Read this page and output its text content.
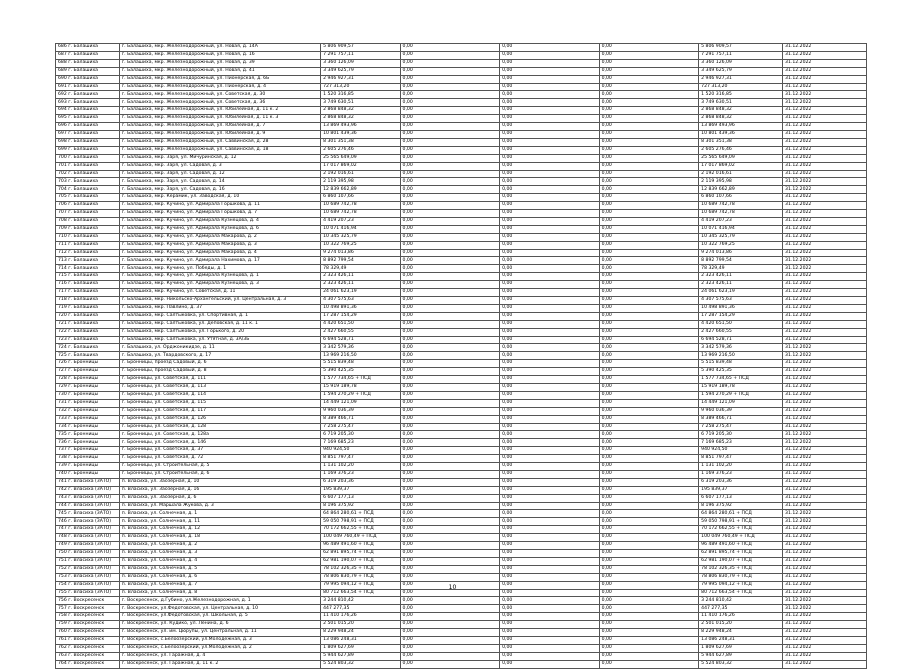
686 г. Балашиха	г. Балашиха, мкр. Железнодорожный, ул. Новая, д. 14А	5 806 909,57	0,00	0,00	0,00	5 806 909,57	31.12.2022
687 г. Балашиха	г. Балашиха, мкр. Железнодорожный, ул. Новая, д. 16	7 291 757,11	0,00	0,00	0,00	7 291 757,11	31.12.2022
688 г. Балашиха	г. Балашиха, мкр. Железнодорожный, ул. Новая, д. 39	3 360 126,09	0,00	0,00	0,00	3 360 126,09	31.12.2022
689 г. Балашиха	г. Балашиха, мкр. Железнодорожный, ул. Новая, д. 41	3 349 625,79	0,00	0,00	0,00	3 349 625,79	31.12.2022
690 г. Балашиха	г. Балашиха, мкр. Железнодорожный, ул. Пионерская, д. 6Б	2 946 927,31	0,00	0,00	0,00	2 946 927,31	31.12.2022
691 г. Балашиха	г. Балашиха, мкр. Железнодорожный, ул. Пионерская, д. 4	727 313,20	0,00	0,00	0,00	727 313,20	31.12.2022
692 г. Балашиха	г. Балашиха, мкр. Железнодорожный, ул. Советская, д. 30	1 520 316,85	0,00	0,00	0,00	1 520 316,85	31.12.2022
693 г. Балашиха	г. Балашиха, мкр. Железнодорожный, ул. Советская, д. 36	3 749 630,51	0,00	0,00	0,00	3 749 630,51	31.12.2022
694 г. Балашиха	г. Балашиха, мкр. Железнодорожный, ул. Юбилейная, д. 11 к. 2	2 868 848,32	0,00	0,00	0,00	2 868 848,32	31.12.2022
695 г. Балашиха	г. Балашиха, мкр. Железнодорожный, ул. Юбилейная, д. 11 к. 3	2 868 848,32	0,00	0,00	0,00	2 868 848,32	31.12.2022
696 г. Балашиха	г. Балашиха, мкр. Железнодорожный, ул. Юбилейная, д. 7	13 869 493,96	0,00	0,00	0,00	13 869 493,96	31.12.2022
697 г. Балашиха	г. Балашиха, мкр. Железнодорожный, ул. Юбилейная, д. 9	10 801 439,36	0,00	0,00	0,00	10 801 439,36	31.12.2022
698 г. Балашиха	г. Балашиха, мкр. Железнодорожный, ул. Саввинская, д. 28	8 301 351,38	0,00	0,00	0,00	8 301 351,38	31.12.2022
699 г. Балашиха	г. Балашиха, мкр. Железнодорожный, ул. Саввинская, д. 18	2 605 276,46	0,00	0,00	0,00	2 605 276,46	31.12.2022
700 г. Балашиха	г. Балашиха, мкр. Заря, ул. Мичуринская, д. 12	25 565 649,09	0,00	0,00	0,00	25 565 649,09	31.12.2022
701 г. Балашиха	г. Балашиха, мкр. Заря, ул. Садовая, д. 3	17 017 869,02	0,00	0,00	0,00	17 017 869,02	31.12.2022
702 г. Балашиха	г. Балашиха, мкр. Заря, ул. Садовая, д. 12	2 192 016,61	0,00	0,00	0,00	2 192 016,61	31.12.2022
703 г. Балашиха	г. Балашиха, мкр. Заря, ул. Садовая, д. 14	2 119 395,98	0,00	0,00	0,00	2 119 395,98	31.12.2022
704 г. Балашиха	г. Балашиха, мкр. Заря, ул. Садовая, д. 16	12 839 662,89	0,00	0,00	0,00	12 839 662,89	31.12.2022
705 г. Балашиха	г. Балашиха, мкр. Керамик, ул. Заводская, д. 10	6 860 107,66	0,00	0,00	0,00	6 860 107,66	31.12.2022
706 г. Балашиха	г. Балашиха, мкр. Кучино, ул. Адмирала Горшкова, д. 11	10 689 742,78	0,00	0,00	0,00	10 689 742,78	31.12.2022
707 г. Балашиха	г. Балашиха, мкр. Кучино, ул. Адмирала Горшкова, д. 7	10 689 742,78	0,00	0,00	0,00	10 689 742,78	31.12.2022
708 г. Балашиха	г. Балашиха, мкр. Кучино, ул. Адмирала Кузнецова, д. 4	4 419 207,23	0,00	0,00	0,00	4 419 207,23	31.12.2022
709 г. Балашиха	г. Балашиха, мкр. Кучино, ул. Адмирала Кузнецова, д. 6	10 071 416,94	0,00	0,00	0,00	10 071 416,94	31.12.2022
710 г. Балашиха	г. Балашиха, мкр. Кучино, ул. Адмирала Макарова, д. 2	10 345 325,79	0,00	0,00	0,00	10 345 325,79	31.12.2022
711 г. Балашиха	г. Балашиха, мкр. Кучино, ул. Адмирала Макарова, д. 3	10 322 769,25	0,00	0,00	0,00	10 322 769,25	31.12.2022
712 г. Балашиха	г. Балашиха, мкр. Кучино, ул. Адмирала Макарова, д. 4	9 274 013,86	0,00	0,00	0,00	9 274 013,86	31.12.2022
713 г. Балашиха	г. Балашиха, мкр. Кучино, ул. Адмирала Нахимова, д. 17	8 892 799,54	0,00	0,00	0,00	8 892 799,54	31.12.2022
714 г. Балашиха	г. Балашиха, мкр. Кучино, ул. Победы, д. 1	78 329,49	0,00	0,00	0,00	78 329,49	31.12.2022
715 г. Балашиха	г. Балашиха, мкр. Кучино, ул. Адмирала Кузнецова, д. 1	2 323 426,11	0,00	0,00	0,00	2 323 426,11	31.12.2022
716 г. Балашиха	г. Балашиха, мкр. Кучино, ул. Адмирала Кузнецова, д. 3	2 323 426,11	0,00	0,00	0,00	2 323 426,11	31.12.2022
717 г. Балашиха	г. Балашиха, мкр. Кучино, ул. Советская, д. 11	24 061 623,19	0,00	0,00	0,00	24 061 623,19	31.12.2022
718 г. Балашиха	г. Балашиха, мкр. Никольско-Архангельский, ул. Центральная, д. 3	4 307 575,63	0,00	0,00	0,00	4 307 575,63	31.12.2022
719 г. Балашиха	г. Балашиха, мкр. Павлино, д. 37	10 498 891,36	0,00	0,00	0,00	10 498 891,36	31.12.2022
720 г. Балашиха	г. Балашиха, мкр. Салтыковка, ул. Спортивная, д. 1	17 287 154,29	0,00	0,00	0,00	17 287 154,29	31.12.2022
721 г. Балашиха	г. Балашиха, мкр. Салтыковка, ул. Деповская, д. 11 к. 1	4 420 651,50	0,00	0,00	0,00	4 420 651,50	31.12.2022
722 г. Балашиха	г. Балашиха, мкр. Салтыковка, ул. Горького, д. 20	2 427 660,55	0,00	0,00	0,00	2 427 660,55	31.12.2022
723 г. Балашиха	г. Балашиха, мкр. Салтыковка, ул. Утятная, д. 3А/3Б	6 694 528,71	0,00	0,00	0,00	6 694 528,71	31.12.2022
724 г. Балашиха	г. Балашиха, ул. Орджоникидзе, д. 11	3 342 579,36	0,00	0,00	0,00	3 342 579,36	31.12.2022
725 г. Балашиха	г. Балашиха, ул. Твардовского, д. 17	13 969 216,50	0,00	0,00	0,00	13 969 216,50	31.12.2022
726 г. Бронницы	г. Бронницы, проезд Садовый, д. 6	5 515 839,48	0,00	0,00	0,00	5 515 839,48	31.12.2022
727 г. Бронницы	г. Бронницы, проезд Садовый, д. 8	5 390 425,35	0,00	0,00	0,00	5 390 425,35	31.12.2022
728 г. Бронницы	г. Бронницы, ул. Советская, д. 111	1 577 734,65 + ПСД	0,00	0,00	0,00	1 577 734,65 + ПСД	31.12.2022
729 г. Бронницы	г. Бронницы, ул. Советская, д. 113	15 919 189,78	0,00	0,00	0,00	15 919 189,78	31.12.2022
730 г. Бронницы	г. Бронницы, ул. Советская, д. 114	1 594 270,29 + ПСД	0,00	0,00	0,00	1 594 270,29 + ПСД	31.12.2022
731 г. Бронницы	г. Бронницы, ул. Советская, д. 115	14 449 121,09	0,00	0,00	0,00	14 449 121,09	31.12.2022
732 г. Бронницы	г. Бронницы, ул. Советская, д. 117	9 960 036,39	0,00	0,00	0,00	9 960 036,39	31.12.2022
733 г. Бронницы	г. Бронницы, ул. Советская, д. 126	8 389 466,71	0,00	0,00	0,00	8 389 466,71	31.12.2022
734 г. Бронницы	г. Бронницы, ул. Советская, д. 128	7 258 275,47	0,00	0,00	0,00	7 258 275,47	31.12.2022
735 г. Бронницы	г. Бронницы, ул. Советская, д. 128а	6 719 205,30	0,00	0,00	0,00	6 719 205,30	31.12.2022
736 г. Бронницы	г. Бронницы, ул. Советская, д. 146	7 169 685,23	0,00	0,00	0,00	7 169 685,23	31.12.2022
737 г. Бронницы	г. Бронницы, ул. Советская, д. 37	940 924,50	0,00	0,00	0,00	940 924,50	31.12.2022
738 г. Бронницы	г. Бронницы, ул. Советская, д. 72	8 851 797,47	0,00	0,00	0,00	8 851 797,47	31.12.2022
739 г. Бронницы	г. Бронницы, ул. Строительная, д. 5	1 131 102,20	0,00	0,00	0,00	1 131 102,20	31.12.2022
740 г. Бронницы	г. Бронницы, ул. Строительная, д. 6	1 169 376,23	0,00	0,00	0,00	1 169 376,23	31.12.2022
741 г. Власиха (ЗАТО)	п. Власиха, ул. Заозерная, д. 10	6 319 203,36	0,00	0,00	0,00	6 319 203,36	31.12.2022
742 г. Власиха (ЗАТО)	п. Власиха, ул. Заозерная, д. 16	195 839,37	0,00	0,00	0,00	195 839,37	31.12.2022
743 г. Власиха (ЗАТО)	п. Власиха, ул. Заозерная, д. 6	6 607 177,13	0,00	0,00	0,00	6 607 177,13	31.12.2022
744 г. Власиха (ЗАТО)	п. Власиха, ул. Маршала Жукова, д. 3	8 196 375,92	0,00	0,00	0,00	8 196 375,92	31.12.2022
745 г. Власиха (ЗАТО)	п. Власиха, ул. Солнечная, д. 1	64 864 280,61 + ПСД	0,00	0,00	0,00	64 864 280,61 + ПСД	31.12.2022
746 г. Власиха (ЗАТО)	п. Власиха, ул. Солнечная, д. 11	59 050 798,91 + ПСД	0,00	0,00	0,00	59 050 798,91 + ПСД	31.12.2022
747 г. Власиха (ЗАТО)	п. Власиха, ул. Солнечная, д. 12	70 172 662,55 + ПСД	0,00	0,00	0,00	70 172 662,55 + ПСД	31.12.2022
748 г. Власиха (ЗАТО)	п. Власиха, ул. Солнечная, д. 18	100 049 760,49 + ПСД	0,00	0,00	0,00	100 049 760,49 + ПСД	31.12.2022
749 г. Власиха (ЗАТО)	п. Власиха, ул. Солнечная, д. 2	96 489 491,60 + ПСД	0,00	0,00	0,00	96 489 491,60 + ПСД	31.12.2022
750 г. Власиха (ЗАТО)	п. Власиха, ул. Солнечная, д. 3	62 891 895,74 + ПСД	0,00	0,00	0,00	62 891 895,74 + ПСД	31.12.2022
751 г. Власиха (ЗАТО)	п. Власиха, ул. Солнечная, д. 4	62 981 190,07 + ПСД	0,00	0,00	0,00	62 981 190,07 + ПСД	31.12.2022
752 г. Власиха (ЗАТО)	п. Власиха, ул. Солнечная, д. 5	78 102 326,35 + ПСД	0,00	0,00	0,00	78 102 326,35 + ПСД	31.12.2022
753 г. Власиха (ЗАТО)	п. Власиха, ул. Солнечная, д. 6	78 806 830,79 + ПСД	0,00	0,00	0,00	78 806 830,79 + ПСД	31.12.2022
754 г. Власиха (ЗАТО)	п. Власиха, ул. Солнечная, д. 7	79 995 094,12 + ПСД	0,00	0,00	0,00	79 995 094,12 + ПСД	31.12.2022
755 г. Власиха (ЗАТО)	п. Власиха, ул. Солнечная, д. 8	80 712 663,54 + ПСД	0,00	0,00	0,00	80 712 663,54 + ПСД	31.12.2022
756 г. Воскресенск	г. Воскресенск, д.Губино, ул.Железнодорожная, д. 1	3 244 810,42	0,00	0,00	0,00	3 244 810,42	31.12.2022
757 г. Воскресенск	г. Воскресенск, ул.Федотовская, ул. Центральная, д. 10	447 277,35	0,00	0,00	0,00	447 277,35	31.12.2022
758 г. Воскресенск	г. Воскресенск, ул.Федотовская, ул. Школьная, д. 5	11 410 176,26	0,00	0,00	0,00	11 410 176,26	31.12.2022
759 г. Воскресенск	г. Воскресенск, ул. Кудико, ул. Ленина, д. 6	2 501 015,20	0,00	0,00	0,00	2 501 015,20	31.12.2022
760 г. Воскресенск	г. Воскресенск, ул. им. Цюрупы, ул. Центральная, д. 11	8 229 948,24	0,00	0,00	0,00	8 229 948,24	31.12.2022
761 г. Воскресенск	г. Воскресенск, с.Белоозерский, ул.Молодежная, д. 3	13 086 248,31	0,00	0,00	0,00	13 086 248,31	31.12.2022
762 г. Воскресенск	г. Воскресенск, с.Белоозерский, ул.Молодежная, д. 2	1 809 627,69	0,00	0,00	0,00	1 809 627,69	31.12.2022
763 г. Воскресенск	г. Воскресенск, ул. Гаражная, д. 4	5 944 627,89	0,00	0,00	0,00	5 944 627,89	31.12.2022
764 г. Воскресенск	г. Воскресенск, ул. Гаражная, д. 11 к. 2	5 524 803,32	0,00	0,00	0,00	5 524 803,32	31.12.2022
10
